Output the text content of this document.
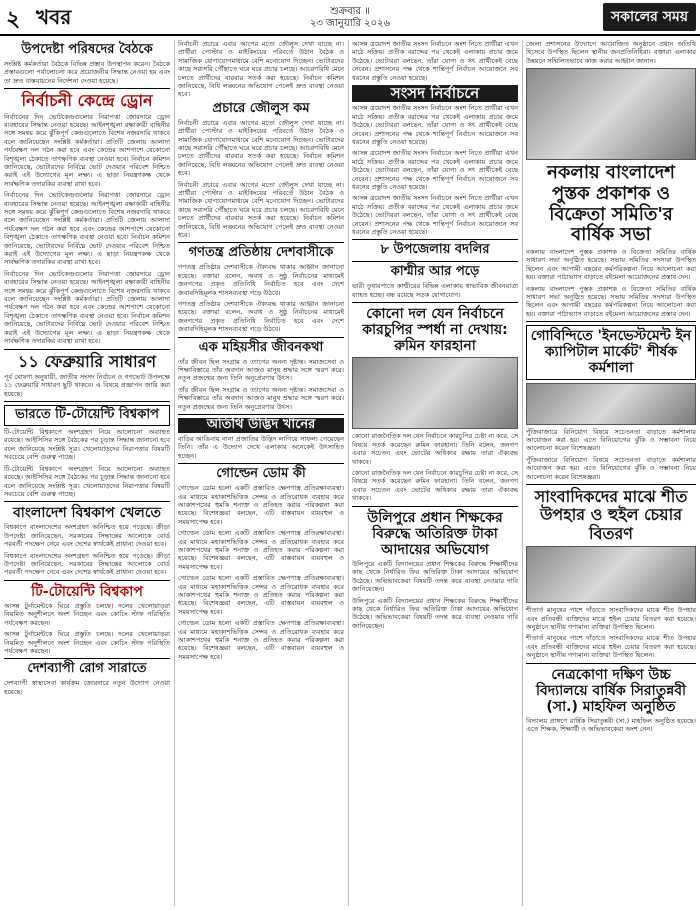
২ খবর	শুক্রবার ॥
২৩ জানুয়ারি ২০২৬	সকালের সময়
উপদেষ্টা পরিষদের বৈঠকে

সংশ্লিষ্ট কর্মকর্তারা বৈঠকে বিভিন্ন প্রস্তাব উপস্থাপন করেন। বৈঠকে প্রস্তাবগুলো পর্যালোচনা করে প্রয়োজনীয় সিদ্ধান্ত নেওয়া হয় এবং তা দ্রুত বাস্তবায়নের নির্দেশনা দেওয়া হয়েছে।

নির্বাচনী কেন্দ্রে ড্রোন

নির্বাচনের দিন ভোটকেন্দ্রগুলোর নিরাপত্তা জোরদারে ড্রোন ব্যবহারের সিদ্ধান্ত নেওয়া হয়েছে। আইনশৃঙ্খলা রক্ষাকারী বাহিনীর সঙ্গে সমন্বয় করে ঝুঁকিপূর্ণ কেন্দ্রগুলোতে বিশেষ নজরদারি থাকবে বলে জানিয়েছেন সংশ্লিষ্ট কর্মকর্তারা। প্রতিটি জেলায় আলাদা পর্যবেক্ষণ দল গঠন করা হবে এবং কেন্দ্রের আশপাশে যেকোনো বিশৃঙ্খলা ঠেকাতে তাৎক্ষণিক ব্যবস্থা নেওয়া হবে। নির্বাচন কমিশন জানিয়েছে, ভোটারদের নির্বিঘ্নে ভোট দেওয়ার পরিবেশ নিশ্চিত করাই এই উদ্যোগের মূল লক্ষ্য। এ ছাড়া নিয়ন্ত্রণকক্ষ থেকে সার্বক্ষণিক তদারকির ব্যবস্থা রাখা হবে।

নির্বাচনের দিন ভোটকেন্দ্রগুলোর নিরাপত্তা জোরদারে ড্রোন ব্যবহারের সিদ্ধান্ত নেওয়া হয়েছে। আইনশৃঙ্খলা রক্ষাকারী বাহিনীর সঙ্গে সমন্বয় করে ঝুঁকিপূর্ণ কেন্দ্রগুলোতে বিশেষ নজরদারি থাকবে বলে জানিয়েছেন সংশ্লিষ্ট কর্মকর্তারা। প্রতিটি জেলায় আলাদা পর্যবেক্ষণ দল গঠন করা হবে এবং কেন্দ্রের আশপাশে যেকোনো বিশৃঙ্খলা ঠেকাতে তাৎক্ষণিক ব্যবস্থা নেওয়া হবে। নির্বাচন কমিশন জানিয়েছে, ভোটারদের নির্বিঘ্নে ভোট দেওয়ার পরিবেশ নিশ্চিত করাই এই উদ্যোগের মূল লক্ষ্য। এ ছাড়া নিয়ন্ত্রণকক্ষ থেকে সার্বক্ষণিক তদারকির ব্যবস্থা রাখা হবে।

নির্বাচনের দিন ভোটকেন্দ্রগুলোর নিরাপত্তা জোরদারে ড্রোন ব্যবহারের সিদ্ধান্ত নেওয়া হয়েছে। আইনশৃঙ্খলা রক্ষাকারী বাহিনীর সঙ্গে সমন্বয় করে ঝুঁকিপূর্ণ কেন্দ্রগুলোতে বিশেষ নজরদারি থাকবে বলে জানিয়েছেন সংশ্লিষ্ট কর্মকর্তারা। প্রতিটি জেলায় আলাদা পর্যবেক্ষণ দল গঠন করা হবে এবং কেন্দ্রের আশপাশে যেকোনো বিশৃঙ্খলা ঠেকাতে তাৎক্ষণিক ব্যবস্থা নেওয়া হবে। নির্বাচন কমিশন জানিয়েছে, ভোটারদের নির্বিঘ্নে ভোট দেওয়ার পরিবেশ নিশ্চিত করাই এই উদ্যোগের মূল লক্ষ্য। এ ছাড়া নিয়ন্ত্রণকক্ষ থেকে সার্বক্ষণিক তদারকির ব্যবস্থা রাখা হবে।

১১ ফেব্রুয়ারি সাধারণ

পূর্ব ঘোষণা অনুযায়ী, জাতীয় সংসদ নির্বাচন ও গণভোট উপলক্ষে ১১ ফেব্রুয়ারি সাধারণ ছুটি থাকবে। এ বিষয়ে প্রজ্ঞাপন জারি করা হয়েছে।

ভারতে টি-টোয়েন্টি বিশ্বকাপ

টি-টোয়েন্টি বিশ্বকাপে অংশগ্রহণ নিয়ে আলোচনা অব্যাহত রয়েছে। আইসিসির সঙ্গে বৈঠকের পর চূড়ান্ত সিদ্ধান্ত জানানো হবে বলে জানিয়েছে সংশ্লিষ্ট সূত্র। খেলোয়াড়দের নিরাপত্তার বিষয়টি সবচেয়ে বেশি গুরুত্ব পাচ্ছে।

টি-টোয়েন্টি বিশ্বকাপে অংশগ্রহণ নিয়ে আলোচনা অব্যাহত রয়েছে। আইসিসির সঙ্গে বৈঠকের পর চূড়ান্ত সিদ্ধান্ত জানানো হবে বলে জানিয়েছে সংশ্লিষ্ট সূত্র। খেলোয়াড়দের নিরাপত্তার বিষয়টি সবচেয়ে বেশি গুরুত্ব পাচ্ছে।

বাংলাদেশ বিশ্বকাপ খেলতে

বিশ্বকাপে বাংলাদেশের অংশগ্রহণ অনিশ্চিত হয়ে পড়েছে। ক্রীড়া উপদেষ্টা জানিয়েছেন, সরকারের সিদ্ধান্তের আলোকে বোর্ড পরবর্তী পদক্ষেপ নেবে এবং দেশের স্বার্থকেই প্রাধান্য দেওয়া হবে।

বিশ্বকাপে বাংলাদেশের অংশগ্রহণ অনিশ্চিত হয়ে পড়েছে। ক্রীড়া উপদেষ্টা জানিয়েছেন, সরকারের সিদ্ধান্তের আলোকে বোর্ড পরবর্তী পদক্ষেপ নেবে এবং দেশের স্বার্থকেই প্রাধান্য দেওয়া হবে।

টি-টোয়েন্টি বিশ্বকাপ

আসন্ন টুর্নামেন্টকে ঘিরে প্রস্তুতি চলছে। দলের খেলোয়াড়রা নিয়মিত অনুশীলনে অংশ নিচ্ছেন এবং কোচিং স্টাফ পরিস্থিতি পর্যবেক্ষণ করছেন।

আসন্ন টুর্নামেন্টকে ঘিরে প্রস্তুতি চলছে। দলের খেলোয়াড়রা নিয়মিত অনুশীলনে অংশ নিচ্ছেন এবং কোচিং স্টাফ পরিস্থিতি পর্যবেক্ষণ করছেন।

দেশব্যাপী রোগ সারাতে

দেশব্যাপী স্বাস্থ্যসেবা কার্যক্রম জোরদারে নতুন উদ্যোগ নেওয়া হয়েছে।

নির্বাচনী প্রচারে এবার আগের মতো জৌলুস দেখা যাচ্ছে না। প্রার্থীরা পোস্টার ও মাইকিংয়ের পরিবর্তে উঠান বৈঠক ও সামাজিক যোগাযোগমাধ্যমে বেশি মনোযোগ দিচ্ছেন। ভোটারদের কাছে সরাসরি পৌঁছাতে ঘরে ঘরে প্রচার চলছে। আচরণবিধি মেনে চলতে প্রার্থীদের বারবার সতর্ক করা হয়েছে। নির্বাচন কমিশন জানিয়েছে, বিধি লঙ্ঘনের অভিযোগ পেলেই দ্রুত ব্যবস্থা নেওয়া হবে।

প্রচারে জৌলুস কম

নির্বাচনী প্রচারে এবার আগের মতো জৌলুস দেখা যাচ্ছে না। প্রার্থীরা পোস্টার ও মাইকিংয়ের পরিবর্তে উঠান বৈঠক ও সামাজিক যোগাযোগমাধ্যমে বেশি মনোযোগ দিচ্ছেন। ভোটারদের কাছে সরাসরি পৌঁছাতে ঘরে ঘরে প্রচার চলছে। আচরণবিধি মেনে চলতে প্রার্থীদের বারবার সতর্ক করা হয়েছে। নির্বাচন কমিশন জানিয়েছে, বিধি লঙ্ঘনের অভিযোগ পেলেই দ্রুত ব্যবস্থা নেওয়া হবে।

নির্বাচনী প্রচারে এবার আগের মতো জৌলুস দেখা যাচ্ছে না। প্রার্থীরা পোস্টার ও মাইকিংয়ের পরিবর্তে উঠান বৈঠক ও সামাজিক যোগাযোগমাধ্যমে বেশি মনোযোগ দিচ্ছেন। ভোটারদের কাছে সরাসরি পৌঁছাতে ঘরে ঘরে প্রচার চলছে। আচরণবিধি মেনে চলতে প্রার্থীদের বারবার সতর্ক করা হয়েছে। নির্বাচন কমিশন জানিয়েছে, বিধি লঙ্ঘনের অভিযোগ পেলেই দ্রুত ব্যবস্থা নেওয়া হবে।

গণতন্ত্র প্রতিষ্ঠায় দেশবাসীকে

গণতন্ত্র প্রতিষ্ঠায় দেশবাসীকে ঐক্যবদ্ধ থাকার আহ্বান জানানো হয়েছে। বক্তারা বলেন, অবাধ ও সুষ্ঠু নির্বাচনের মাধ্যমেই জনগণের প্রকৃত প্রতিনিধি নির্বাচিত হবে এবং দেশে জবাবদিহিমূলক শাসনব্যবস্থা গড়ে উঠবে।

গণতন্ত্র প্রতিষ্ঠায় দেশবাসীকে ঐক্যবদ্ধ থাকার আহ্বান জানানো হয়েছে। বক্তারা বলেন, অবাধ ও সুষ্ঠু নির্বাচনের মাধ্যমেই জনগণের প্রকৃত প্রতিনিধি নির্বাচিত হবে এবং দেশে জবাবদিহিমূলক শাসনব্যবস্থা গড়ে উঠবে।

এক মহিয়সীর জীবনকথা

তাঁর জীবন ছিল সংগ্রাম ও ত্যাগের অনন্য দৃষ্টান্ত। সমাজসেবা ও শিক্ষাবিস্তারে তাঁর অবদান আজও মানুষ শ্রদ্ধার সঙ্গে স্মরণ করে। নতুন প্রজন্মের জন্য তিনি অনুপ্রেরণার উৎস।

তাঁর জীবন ছিল সংগ্রাম ও ত্যাগের অনন্য দৃষ্টান্ত। সমাজসেবা ও শিক্ষাবিস্তারে তাঁর অবদান আজও মানুষ শ্রদ্ধার সঙ্গে স্মরণ করে। নতুন প্রজন্মের জন্য তিনি অনুপ্রেরণার উৎস।

অতিথি উদ্ভিদ খানের

বাড়ির আঙিনায় নানা প্রজাতির উদ্ভিদ লাগিয়ে সাফল্য পেয়েছেন তিনি। তাঁর এ উদ্যোগ দেখে এলাকার অনেকেই উৎসাহিত হচ্ছেন।

গোল্ডেন ডোম কী

গোল্ডেন ডোম হলো একটি প্রস্তাবিত ক্ষেপণাস্ত্র প্রতিরক্ষাব্যবস্থা। এর মাধ্যমে মহাকাশভিত্তিক সেন্সর ও প্রতিরোধক ব্যবহার করে আকাশপথের হুমকি শনাক্ত ও প্রতিহত করার পরিকল্পনা করা হয়েছে। বিশেষজ্ঞরা বলছেন, এটি বাস্তবায়ন ব্যয়বহুল ও সময়সাপেক্ষ হবে।

গোল্ডেন ডোম হলো একটি প্রস্তাবিত ক্ষেপণাস্ত্র প্রতিরক্ষাব্যবস্থা। এর মাধ্যমে মহাকাশভিত্তিক সেন্সর ও প্রতিরোধক ব্যবহার করে আকাশপথের হুমকি শনাক্ত ও প্রতিহত করার পরিকল্পনা করা হয়েছে। বিশেষজ্ঞরা বলছেন, এটি বাস্তবায়ন ব্যয়বহুল ও সময়সাপেক্ষ হবে।

গোল্ডেন ডোম হলো একটি প্রস্তাবিত ক্ষেপণাস্ত্র প্রতিরক্ষাব্যবস্থা। এর মাধ্যমে মহাকাশভিত্তিক সেন্সর ও প্রতিরোধক ব্যবহার করে আকাশপথের হুমকি শনাক্ত ও প্রতিহত করার পরিকল্পনা করা হয়েছে। বিশেষজ্ঞরা বলছেন, এটি বাস্তবায়ন ব্যয়বহুল ও সময়সাপেক্ষ হবে।

গোল্ডেন ডোম হলো একটি প্রস্তাবিত ক্ষেপণাস্ত্র প্রতিরক্ষাব্যবস্থা। এর মাধ্যমে মহাকাশভিত্তিক সেন্সর ও প্রতিরোধক ব্যবহার করে আকাশপথের হুমকি শনাক্ত ও প্রতিহত করার পরিকল্পনা করা হয়েছে। বিশেষজ্ঞরা বলছেন, এটি বাস্তবায়ন ব্যয়বহুল ও সময়সাপেক্ষ হবে।

আসন্ন ত্রয়োদশ জাতীয় সংসদ নির্বাচনে অংশ নিতে প্রার্থীরা এখন মাঠে সক্রিয়। প্রতীক বরাদ্দের পর থেকেই এলাকায় প্রচার জমে উঠেছে। ভোটাররা বলছেন, তাঁরা যোগ্য ও সৎ প্রার্থীকেই বেছে নেবেন। প্রশাসনের পক্ষ থেকে শান্তিপূর্ণ নির্বাচন আয়োজনে সব ধরনের প্রস্তুতি নেওয়া হয়েছে।

সংসদ নির্বাচনে

আসন্ন ত্রয়োদশ জাতীয় সংসদ নির্বাচনে অংশ নিতে প্রার্থীরা এখন মাঠে সক্রিয়। প্রতীক বরাদ্দের পর থেকেই এলাকায় প্রচার জমে উঠেছে। ভোটাররা বলছেন, তাঁরা যোগ্য ও সৎ প্রার্থীকেই বেছে নেবেন। প্রশাসনের পক্ষ থেকে শান্তিপূর্ণ নির্বাচন আয়োজনে সব ধরনের প্রস্তুতি নেওয়া হয়েছে।

আসন্ন ত্রয়োদশ জাতীয় সংসদ নির্বাচনে অংশ নিতে প্রার্থীরা এখন মাঠে সক্রিয়। প্রতীক বরাদ্দের পর থেকেই এলাকায় প্রচার জমে উঠেছে। ভোটাররা বলছেন, তাঁরা যোগ্য ও সৎ প্রার্থীকেই বেছে নেবেন। প্রশাসনের পক্ষ থেকে শান্তিপূর্ণ নির্বাচন আয়োজনে সব ধরনের প্রস্তুতি নেওয়া হয়েছে।

আসন্ন ত্রয়োদশ জাতীয় সংসদ নির্বাচনে অংশ নিতে প্রার্থীরা এখন মাঠে সক্রিয়। প্রতীক বরাদ্দের পর থেকেই এলাকায় প্রচার জমে উঠেছে। ভোটাররা বলছেন, তাঁরা যোগ্য ও সৎ প্রার্থীকেই বেছে নেবেন। প্রশাসনের পক্ষ থেকে শান্তিপূর্ণ নির্বাচন আয়োজনে সব ধরনের প্রস্তুতি নেওয়া হয়েছে।

৮ উপজেলায় বদলির
কাশ্মীর আর পড়ে

ভারী তুষারপাতে কাশ্মীরের বিভিন্ন এলাকায় স্বাভাবিক জীবনযাত্রা ব্যাহত হচ্ছে। বন্ধ রয়েছে সড়ক যোগাযোগ।

কোনো দল যেন নির্বাচনে কারচুপির স্পর্ধা না দেখায়: রুমিন ফারহানা

কোনো রাজনৈতিক দল যেন নির্বাচনে কারচুপির চেষ্টা না করে, সে বিষয়ে সতর্ক করেছেন রুমিন ফারহানা। তিনি বলেন, জনগণ এবার সচেতন এবং ভোটের অধিকার রক্ষায় তারা ঐক্যবদ্ধ থাকবে।

কোনো রাজনৈতিক দল যেন নির্বাচনে কারচুপির চেষ্টা না করে, সে বিষয়ে সতর্ক করেছেন রুমিন ফারহানা। তিনি বলেন, জনগণ এবার সচেতন এবং ভোটের অধিকার রক্ষায় তারা ঐক্যবদ্ধ থাকবে।

উলিপুরে প্রধান শিক্ষকের বিরুদ্ধে অতিরিক্ত টাকা আদায়ের অভিযোগ

উলিপুরে একটি বিদ্যালয়ের প্রধান শিক্ষকের বিরুদ্ধে শিক্ষার্থীদের কাছ থেকে নির্ধারিত ফির অতিরিক্ত টাকা আদায়ের অভিযোগ উঠেছে। অভিভাবকেরা বিষয়টি তদন্ত করে ব্যবস্থা নেওয়ার দাবি জানিয়েছেন।

উলিপুরে একটি বিদ্যালয়ের প্রধান শিক্ষকের বিরুদ্ধে শিক্ষার্থীদের কাছ থেকে নির্ধারিত ফির অতিরিক্ত টাকা আদায়ের অভিযোগ উঠেছে। অভিভাবকেরা বিষয়টি তদন্ত করে ব্যবস্থা নেওয়ার দাবি জানিয়েছেন।

জেলা প্রশাসনের উদ্যোগে আয়োজিত অনুষ্ঠানে প্রধান অতিথি হিসেবে উপস্থিত ছিলেন স্থানীয় জনপ্রতিনিধিরা। বক্তারা এলাকার উন্নয়নে সম্মিলিতভাবে কাজ করার আহ্বান জানান।

নকলায় বাংলাদেশ পুস্তক প্রকাশক ও বিক্রেতা সমিতি'র বার্ষিক সভা

নকলায় বাংলাদেশ পুস্তক প্রকাশক ও বিক্রেতা সমিতির বার্ষিক সাধারণ সভা অনুষ্ঠিত হয়েছে। সভায় সমিতির সদস্যরা উপস্থিত ছিলেন এবং আগামী বছরের কর্মপরিকল্পনা নিয়ে আলোচনা করা হয়। বক্তারা পাঠাভ্যাস বাড়াতে বইমেলা আয়োজনের প্রস্তাব দেন।

নকলায় বাংলাদেশ পুস্তক প্রকাশক ও বিক্রেতা সমিতির বার্ষিক সাধারণ সভা অনুষ্ঠিত হয়েছে। সভায় সমিতির সদস্যরা উপস্থিত ছিলেন এবং আগামী বছরের কর্মপরিকল্পনা নিয়ে আলোচনা করা হয়। বক্তারা পাঠাভ্যাস বাড়াতে বইমেলা আয়োজনের প্রস্তাব দেন।

গোবিন্দিতে 'ইনভেস্টমেন্ট ইন ক্যাপিটাল মার্কেট' শীর্ষক কর্মশালা

পুঁজিবাজারে বিনিয়োগ বিষয়ে সচেতনতা বাড়াতে কর্মশালার আয়োজন করা হয়। এতে বিনিয়োগের ঝুঁকি ও সম্ভাবনা নিয়ে আলোচনা করেন বিশেষজ্ঞরা।

পুঁজিবাজারে বিনিয়োগ বিষয়ে সচেতনতা বাড়াতে কর্মশালার আয়োজন করা হয়। এতে বিনিয়োগের ঝুঁকি ও সম্ভাবনা নিয়ে আলোচনা করেন বিশেষজ্ঞরা।

সাংবাদিকদের মাঝে শীত উপহার ও হুইল চেয়ার বিতরণ

শীতার্ত মানুষের পাশে দাঁড়াতে সাংবাদিকদের মাঝে শীত উপহার এবং প্রতিবন্ধী ব্যক্তিদের মাঝে হুইল চেয়ার বিতরণ করা হয়েছে। অনুষ্ঠানে স্থানীয় গণ্যমান্য ব্যক্তিরা উপস্থিত ছিলেন।

শীতার্ত মানুষের পাশে দাঁড়াতে সাংবাদিকদের মাঝে শীত উপহার এবং প্রতিবন্ধী ব্যক্তিদের মাঝে হুইল চেয়ার বিতরণ করা হয়েছে। অনুষ্ঠানে স্থানীয় গণ্যমান্য ব্যক্তিরা উপস্থিত ছিলেন।

নেত্রকোণা দক্ষিণ উচ্চ বিদ্যালয়ে বার্ষিক সিরাতুন্নবী (সা.) মাহফিল অনুষ্ঠিত

বিদ্যালয় প্রাঙ্গণে বার্ষিক সিরাতুন্নবী (সা.) মাহফিল অনুষ্ঠিত হয়েছে। এতে শিক্ষক, শিক্ষার্থী ও অভিভাবকেরা অংশ নেন।
